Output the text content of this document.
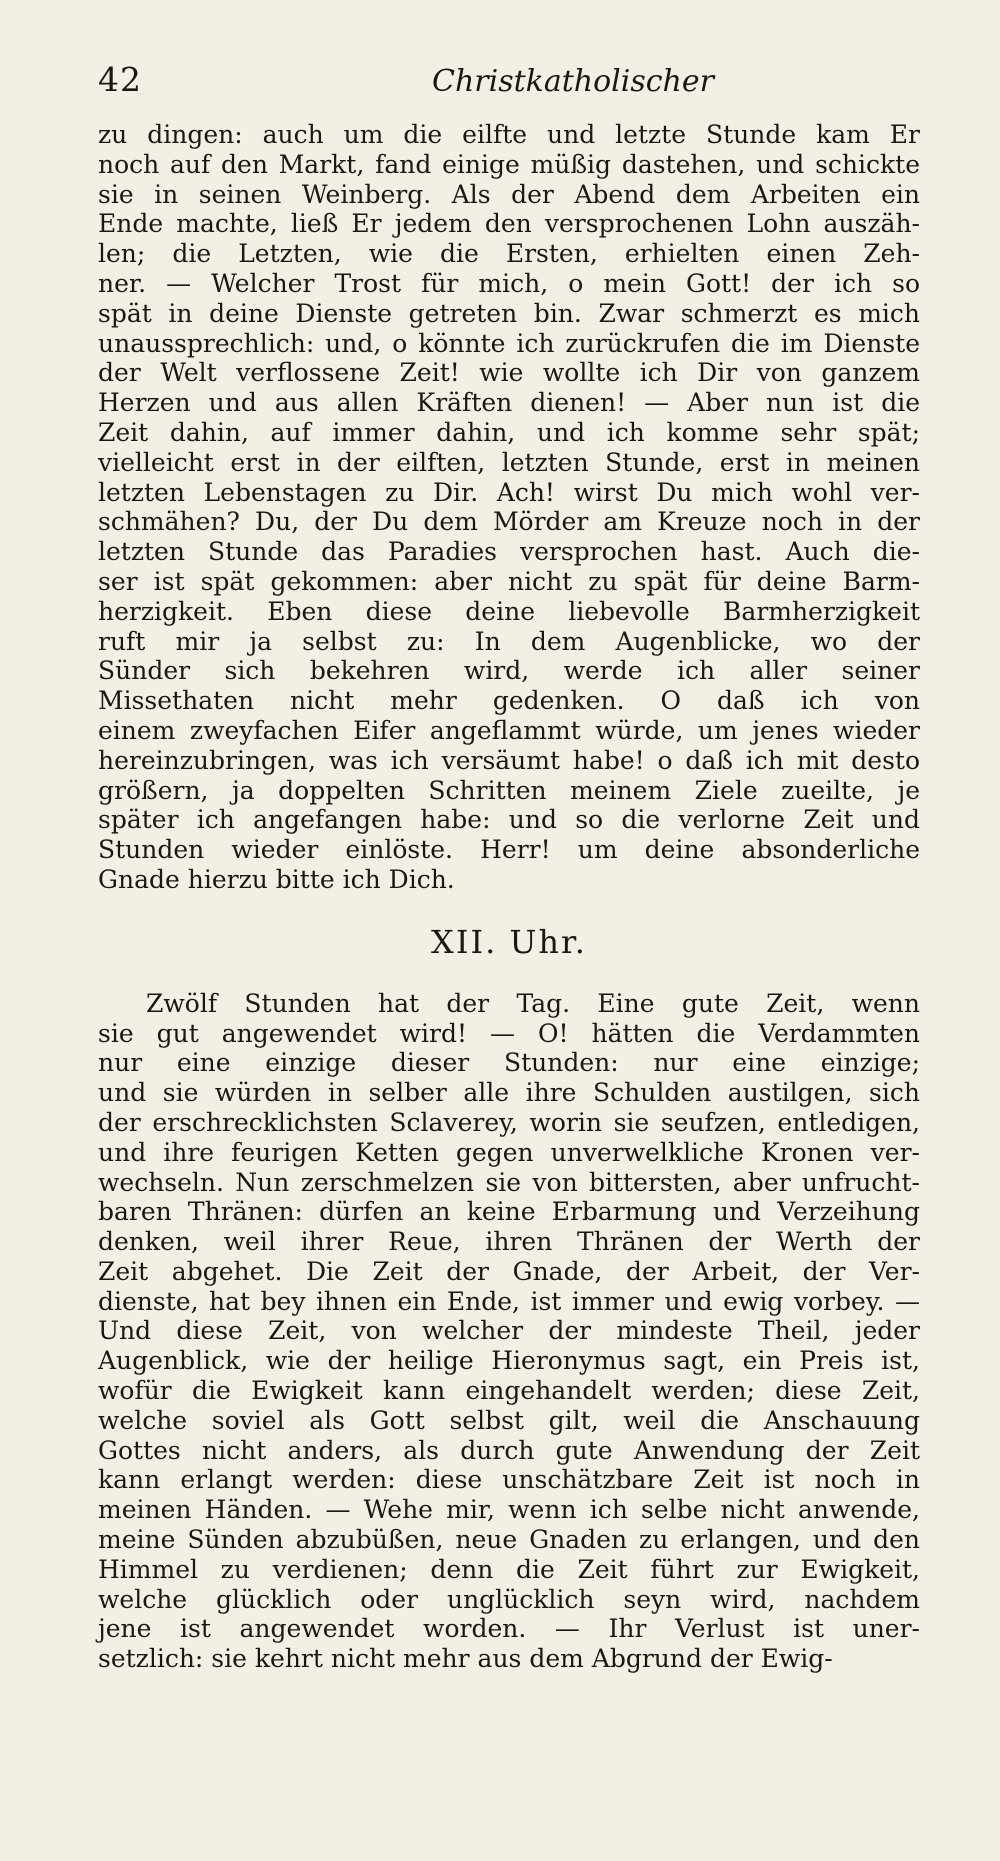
42	Christkatholischer
zu dingen: auch um die eilfte und letzte Stunde kam Er
noch auf den Markt, fand einige müßig dastehen, und schickte
sie in seinen Weinberg. Als der Abend dem Arbeiten ein
Ende machte, ließ Er jedem den versprochenen Lohn auszäh-
len; die Letzten, wie die Ersten, erhielten einen Zeh-
ner. — Welcher Trost für mich, o mein Gott! der ich so
spät in deine Dienste getreten bin. Zwar schmerzt es mich
unaussprechlich: und, o könnte ich zurückrufen die im Dienste
der Welt verflossene Zeit! wie wollte ich Dir von ganzem
Herzen und aus allen Kräften dienen! — Aber nun ist die
Zeit dahin, auf immer dahin, und ich komme sehr spät;
vielleicht erst in der eilften, letzten Stunde, erst in meinen
letzten Lebenstagen zu Dir. Ach! wirst Du mich wohl ver-
schmähen? Du, der Du dem Mörder am Kreuze noch in der
letzten Stunde das Paradies versprochen hast. Auch die-
ser ist spät gekommen: aber nicht zu spät für deine Barm-
herzigkeit. Eben diese deine liebevolle Barmherzigkeit
ruft mir ja selbst zu: In dem Augenblicke, wo der
Sünder sich bekehren wird, werde ich aller seiner
Missethaten nicht mehr gedenken. O daß ich von
einem zweyfachen Eifer angeflammt würde, um jenes wieder
hereinzubringen, was ich versäumt habe! o daß ich mit desto
größern, ja doppelten Schritten meinem Ziele zueilte, je
später ich angefangen habe: und so die verlorne Zeit und
Stunden wieder einlöste. Herr! um deine absonderliche
Gnade hierzu bitte ich Dich.
XII. Uhr.
Zwölf Stunden hat der Tag. Eine gute Zeit, wenn
sie gut angewendet wird! — O! hätten die Verdammten
nur eine einzige dieser Stunden: nur eine einzige;
und sie würden in selber alle ihre Schulden austilgen, sich
der erschrecklichsten Sclaverey, worin sie seufzen, entledigen,
und ihre feurigen Ketten gegen unverwelkliche Kronen ver-
wechseln. Nun zerschmelzen sie von bittersten, aber unfrucht-
baren Thränen: dürfen an keine Erbarmung und Verzeihung
denken, weil ihrer Reue, ihren Thränen der Werth der
Zeit abgehet. Die Zeit der Gnade, der Arbeit, der Ver-
dienste, hat bey ihnen ein Ende, ist immer und ewig vorbey. —
Und diese Zeit, von welcher der mindeste Theil, jeder
Augenblick, wie der heilige Hieronymus sagt, ein Preis ist,
wofür die Ewigkeit kann eingehandelt werden; diese Zeit,
welche soviel als Gott selbst gilt, weil die Anschauung
Gottes nicht anders, als durch gute Anwendung der Zeit
kann erlangt werden: diese unschätzbare Zeit ist noch in
meinen Händen. — Wehe mir, wenn ich selbe nicht anwende,
meine Sünden abzubüßen, neue Gnaden zu erlangen, und den
Himmel zu verdienen; denn die Zeit führt zur Ewigkeit,
welche glücklich oder unglücklich seyn wird, nachdem
jene ist angewendet worden. — Ihr Verlust ist uner-
setzlich: sie kehrt nicht mehr aus dem Abgrund der Ewig-
